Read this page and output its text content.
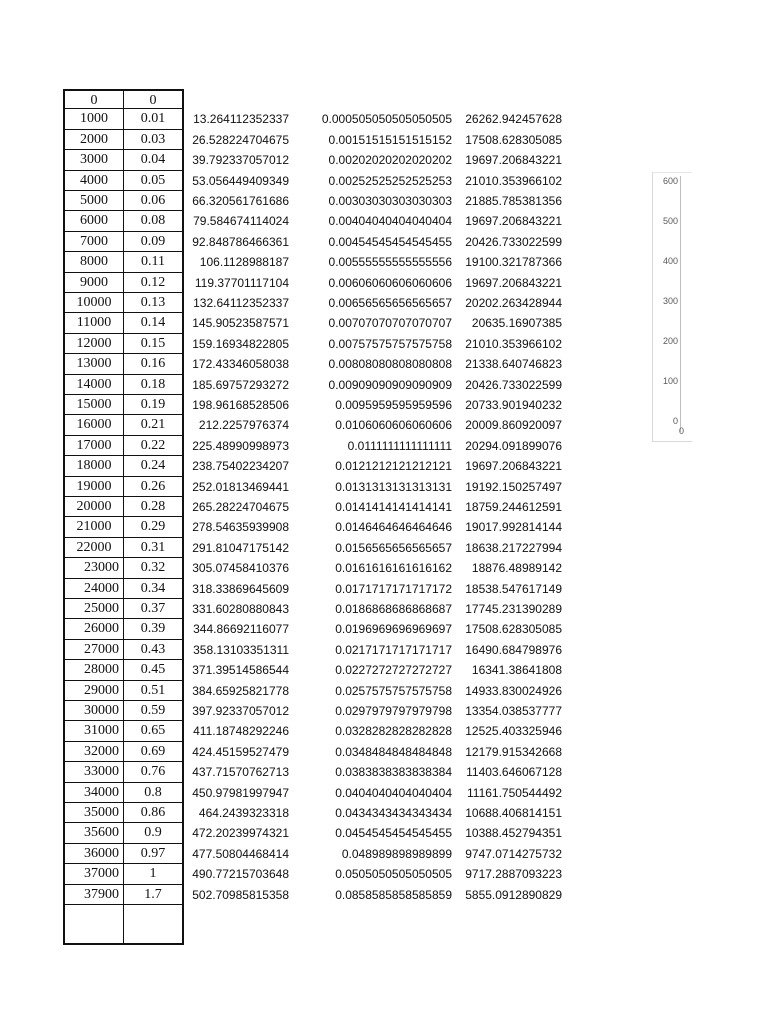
0	0
1000	0.01	13.264112352337	0.000505050505050505	26262.942457628
2000	0.03	26.528224704675	0.00151515151515152	17508.628305085
3000	0.04	39.792337057012	0.00202020202020202	19697.206843221
4000	0.05	53.056449409349	0.00252525252525253	21010.353966102
5000	0.06	66.320561761686	0.00303030303030303	21885.785381356
6000	0.08	79.584674114024	0.00404040404040404	19697.206843221
7000	0.09	92.848786466361	0.00454545454545455	20426.733022599
8000	0.11	106.1128988187	0.00555555555555556	19100.321787366
9000	0.12	119.37701117104	0.00606060606060606	19697.206843221
10000	0.13	132.64112352337	0.00656565656565657	20202.263428944
11000	0.14	145.90523587571	0.00707070707070707	20635.16907385
12000	0.15	159.16934822805	0.00757575757575758	21010.353966102
13000	0.16	172.43346058038	0.00808080808080808	21338.640746823
14000	0.18	185.69757293272	0.00909090909090909	20426.733022599
15000	0.19	198.96168528506	0.0095959595959596	20733.901940232
16000	0.21	212.2257976374	0.0106060606060606	20009.860920097
17000	0.22	225.48990998973	0.0111111111111111	20294.091899076
18000	0.24	238.75402234207	0.0121212121212121	19697.206843221
19000	0.26	252.01813469441	0.0131313131313131	19192.150257497
20000	0.28	265.28224704675	0.0141414141414141	18759.244612591
21000	0.29	278.54635939908	0.0146464646464646	19017.992814144
22000	0.31	291.81047175142	0.0156565656565657	18638.217227994
23000	0.32	305.07458410376	0.0161616161616162	18876.48989142
24000	0.34	318.33869645609	0.0171717171717172	18538.547617149
25000	0.37	331.60280880843	0.0186868686868687	17745.231390289
26000	0.39	344.86692116077	0.0196969696969697	17508.628305085
27000	0.43	358.13103351311	0.0217171717171717	16490.684798976
28000	0.45	371.39514586544	0.0227272727272727	16341.38641808
29000	0.51	384.65925821778	0.0257575757575758	14933.830024926
30000	0.59	397.92337057012	0.0297979797979798	13354.038537777
31000	0.65	411.18748292246	0.0328282828282828	12525.403325946
32000	0.69	424.45159527479	0.0348484848484848	12179.915342668
33000	0.76	437.71570762713	0.0383838383838384	11403.646067128
34000	0.8	450.97981997947	0.0404040404040404	11161.750544492
35000	0.86	464.2439323318	0.0434343434343434	10688.406814151
35600	0.9	472.20239974321	0.0454545454545455	10388.452794351
36000	0.97	477.50804468414	0.048989898989899	9747.0714275732
37000	1	490.77215703648	0.0505050505050505	9717.2887093223
37900	1.7	502.70985815358	0.0858585858585859	5855.0912890829
600
500
400
300
200
100
0
0
